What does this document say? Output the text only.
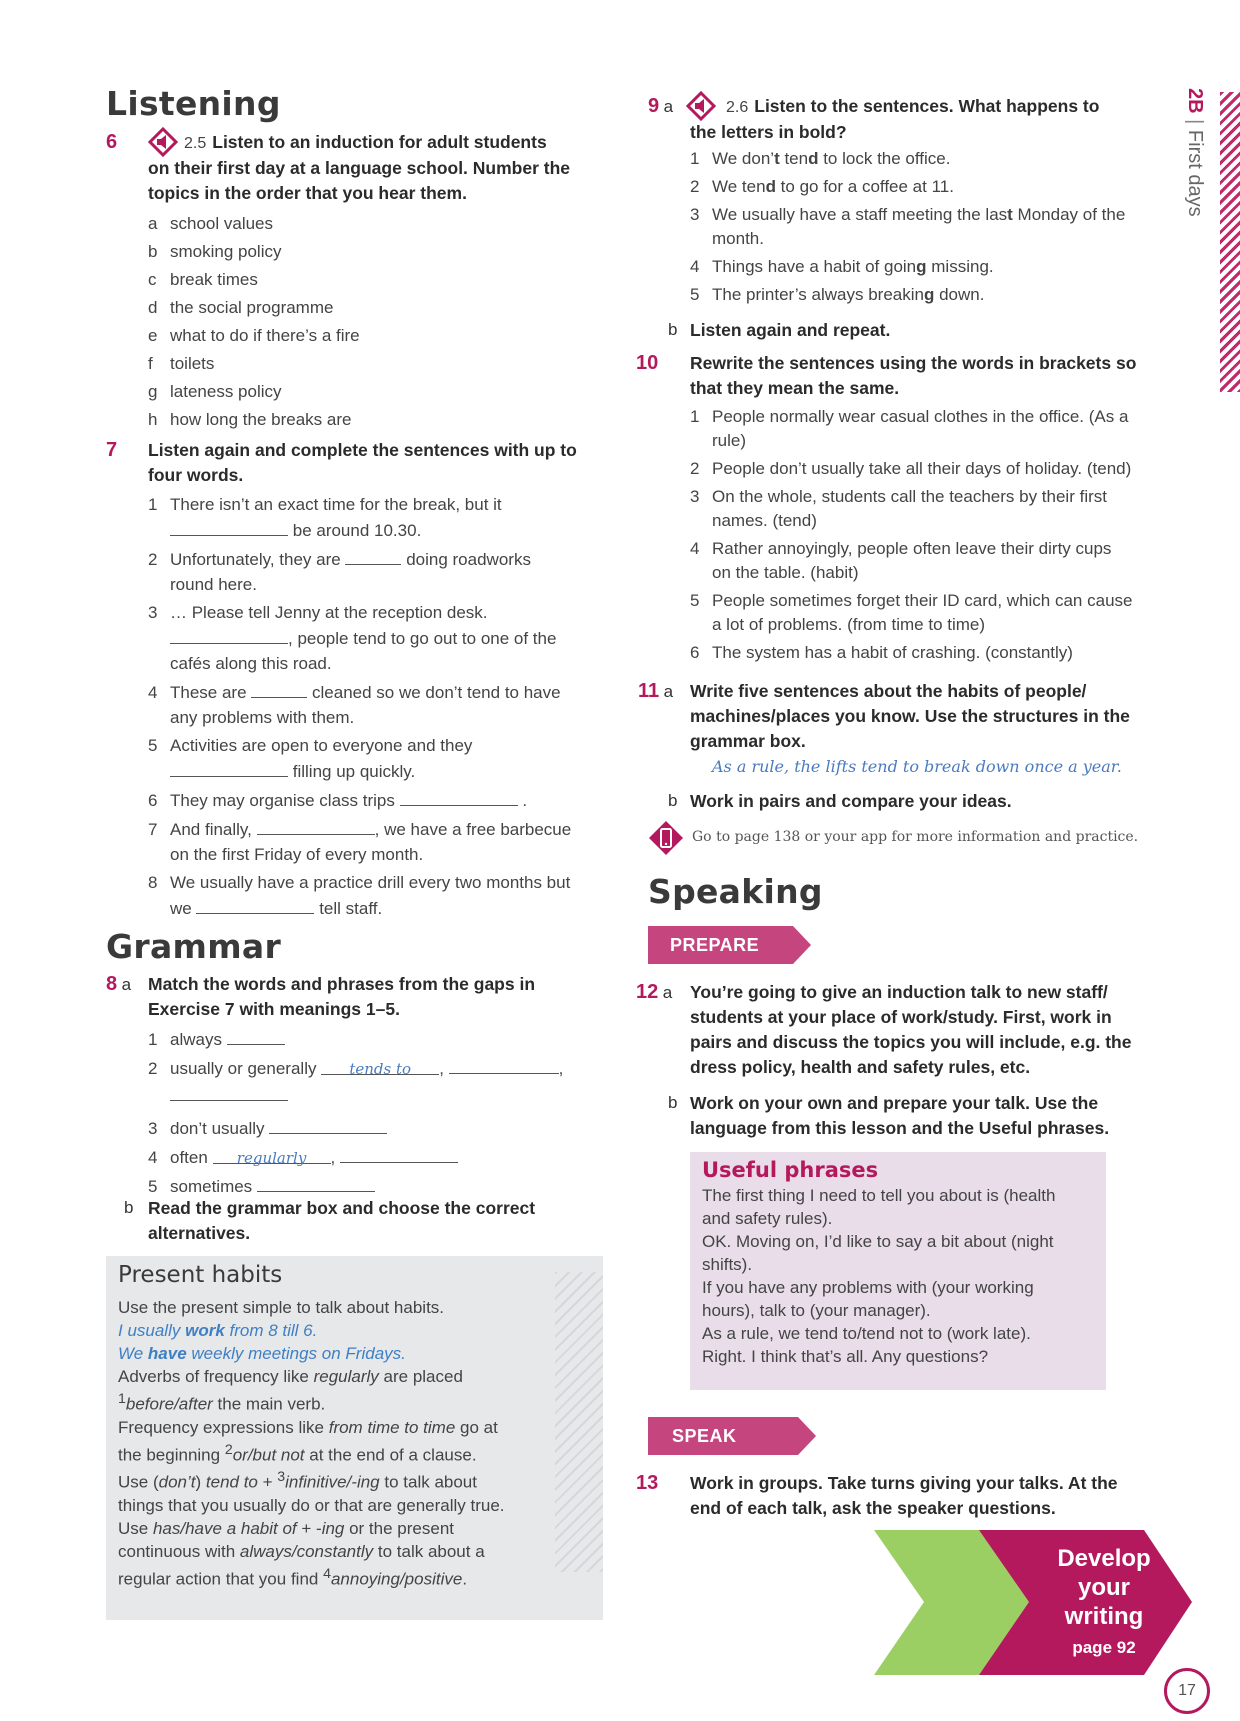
2B | First days
Listening
6	2.5 Listen to an induction for adult students
on their first day at a language school. Number the
topics in the order that you hear them.
a school values
b smoking policy
c break times
d the social programme
e what to do if there’s a fire
f toilets
g lateness policy
h how long the breaks are
7 Listen again and complete the sentences with up to
four words.
1 There isn’t an exact time for the break, but it
be around 10.30.
2 Unfortunately, they are	doing roadworks
round here.
3 … Please tell Jenny at the reception desk.
, people tend to go out to one of the
cafés along this road.
4 These are	cleaned so we don’t tend to have
any problems with them.
5 Activities are open to everyone and they
filling up quickly.
6 They may organise class trips	.
7 And finally,	, we have a free barbecue
on the first Friday of every month.
8 We usually have a practice drill every two months but
we	tell staff.
Grammar
8 a Match the words and phrases from the gaps in
Exercise 7 with meanings 1–5.
1 always
2 usually or generally tends to ,	,
3 don’t usually
4 often regularly ,
5 sometimes
b Read the grammar box and choose the correct
alternatives.
Present habits
Use the present simple to talk about habits.
I usually work from 8 till 6.
We have weekly meetings on Fridays.
Adverbs of frequency like regularly are placed
$^1$before/after the main verb.
Frequency expressions like from time to time go at
the beginning $^2$or/but not at the end of a clause.
Use (don’t) tend to + $^3$infinitive/-ing to talk about
things that you usually do or that are generally true.
Use has/have a habit of + -ing or the present
continuous with always/constantly to talk about a
regular action that you find $^4$annoying/positive.
9 a	2.6 Listen to the sentences. What happens to
the letters in bold?
1 We don’t tend to lock the office.
2 We tend to go for a coffee at 11.
3 We usually have a staff meeting the last Monday of the
month.
4 Things have a habit of going missing.
5 The printer’s always breaking down.
b Listen again and repeat.
10 Rewrite the sentences using the words in brackets so
that they mean the same.
1 People normally wear casual clothes in the office. (As a
rule)
2 People don’t usually take all their days of holiday. (tend)
3 On the whole, students call the teachers by their first
names. (tend)
4 Rather annoyingly, people often leave their dirty cups
on the table. (habit)
5 People sometimes forget their ID card, which can cause
a lot of problems. (from time to time)
6 The system has a habit of crashing. (constantly)
11 a Write five sentences about the habits of people/
machines/places you know. Use the structures in the
grammar box.
As a rule, the lifts tend to break down once a year.
b Work in pairs and compare your ideas.
Go to page 138 or your app for more information and practice.
Speaking
PREPARE
12 a You’re going to give an induction talk to new staff/
students at your place of work/study. First, work in
pairs and discuss the topics you will include, e.g. the
dress policy, health and safety rules, etc.
b Work on your own and prepare your talk. Use the
language from this lesson and the Useful phrases.
Useful phrases
The first thing I need to tell you about is (health
and safety rules).
OK. Moving on, I’d like to say a bit about (night
shifts).
If you have any problems with (your working
hours), talk to (your manager).
As a rule, we tend to/tend not to (work late).
Right. I think that’s all. Any questions?
SPEAK
13 Work in groups. Take turns giving your talks. At the
end of each talk, ask the speaker questions.
Develop
your
writing
page 92
17
